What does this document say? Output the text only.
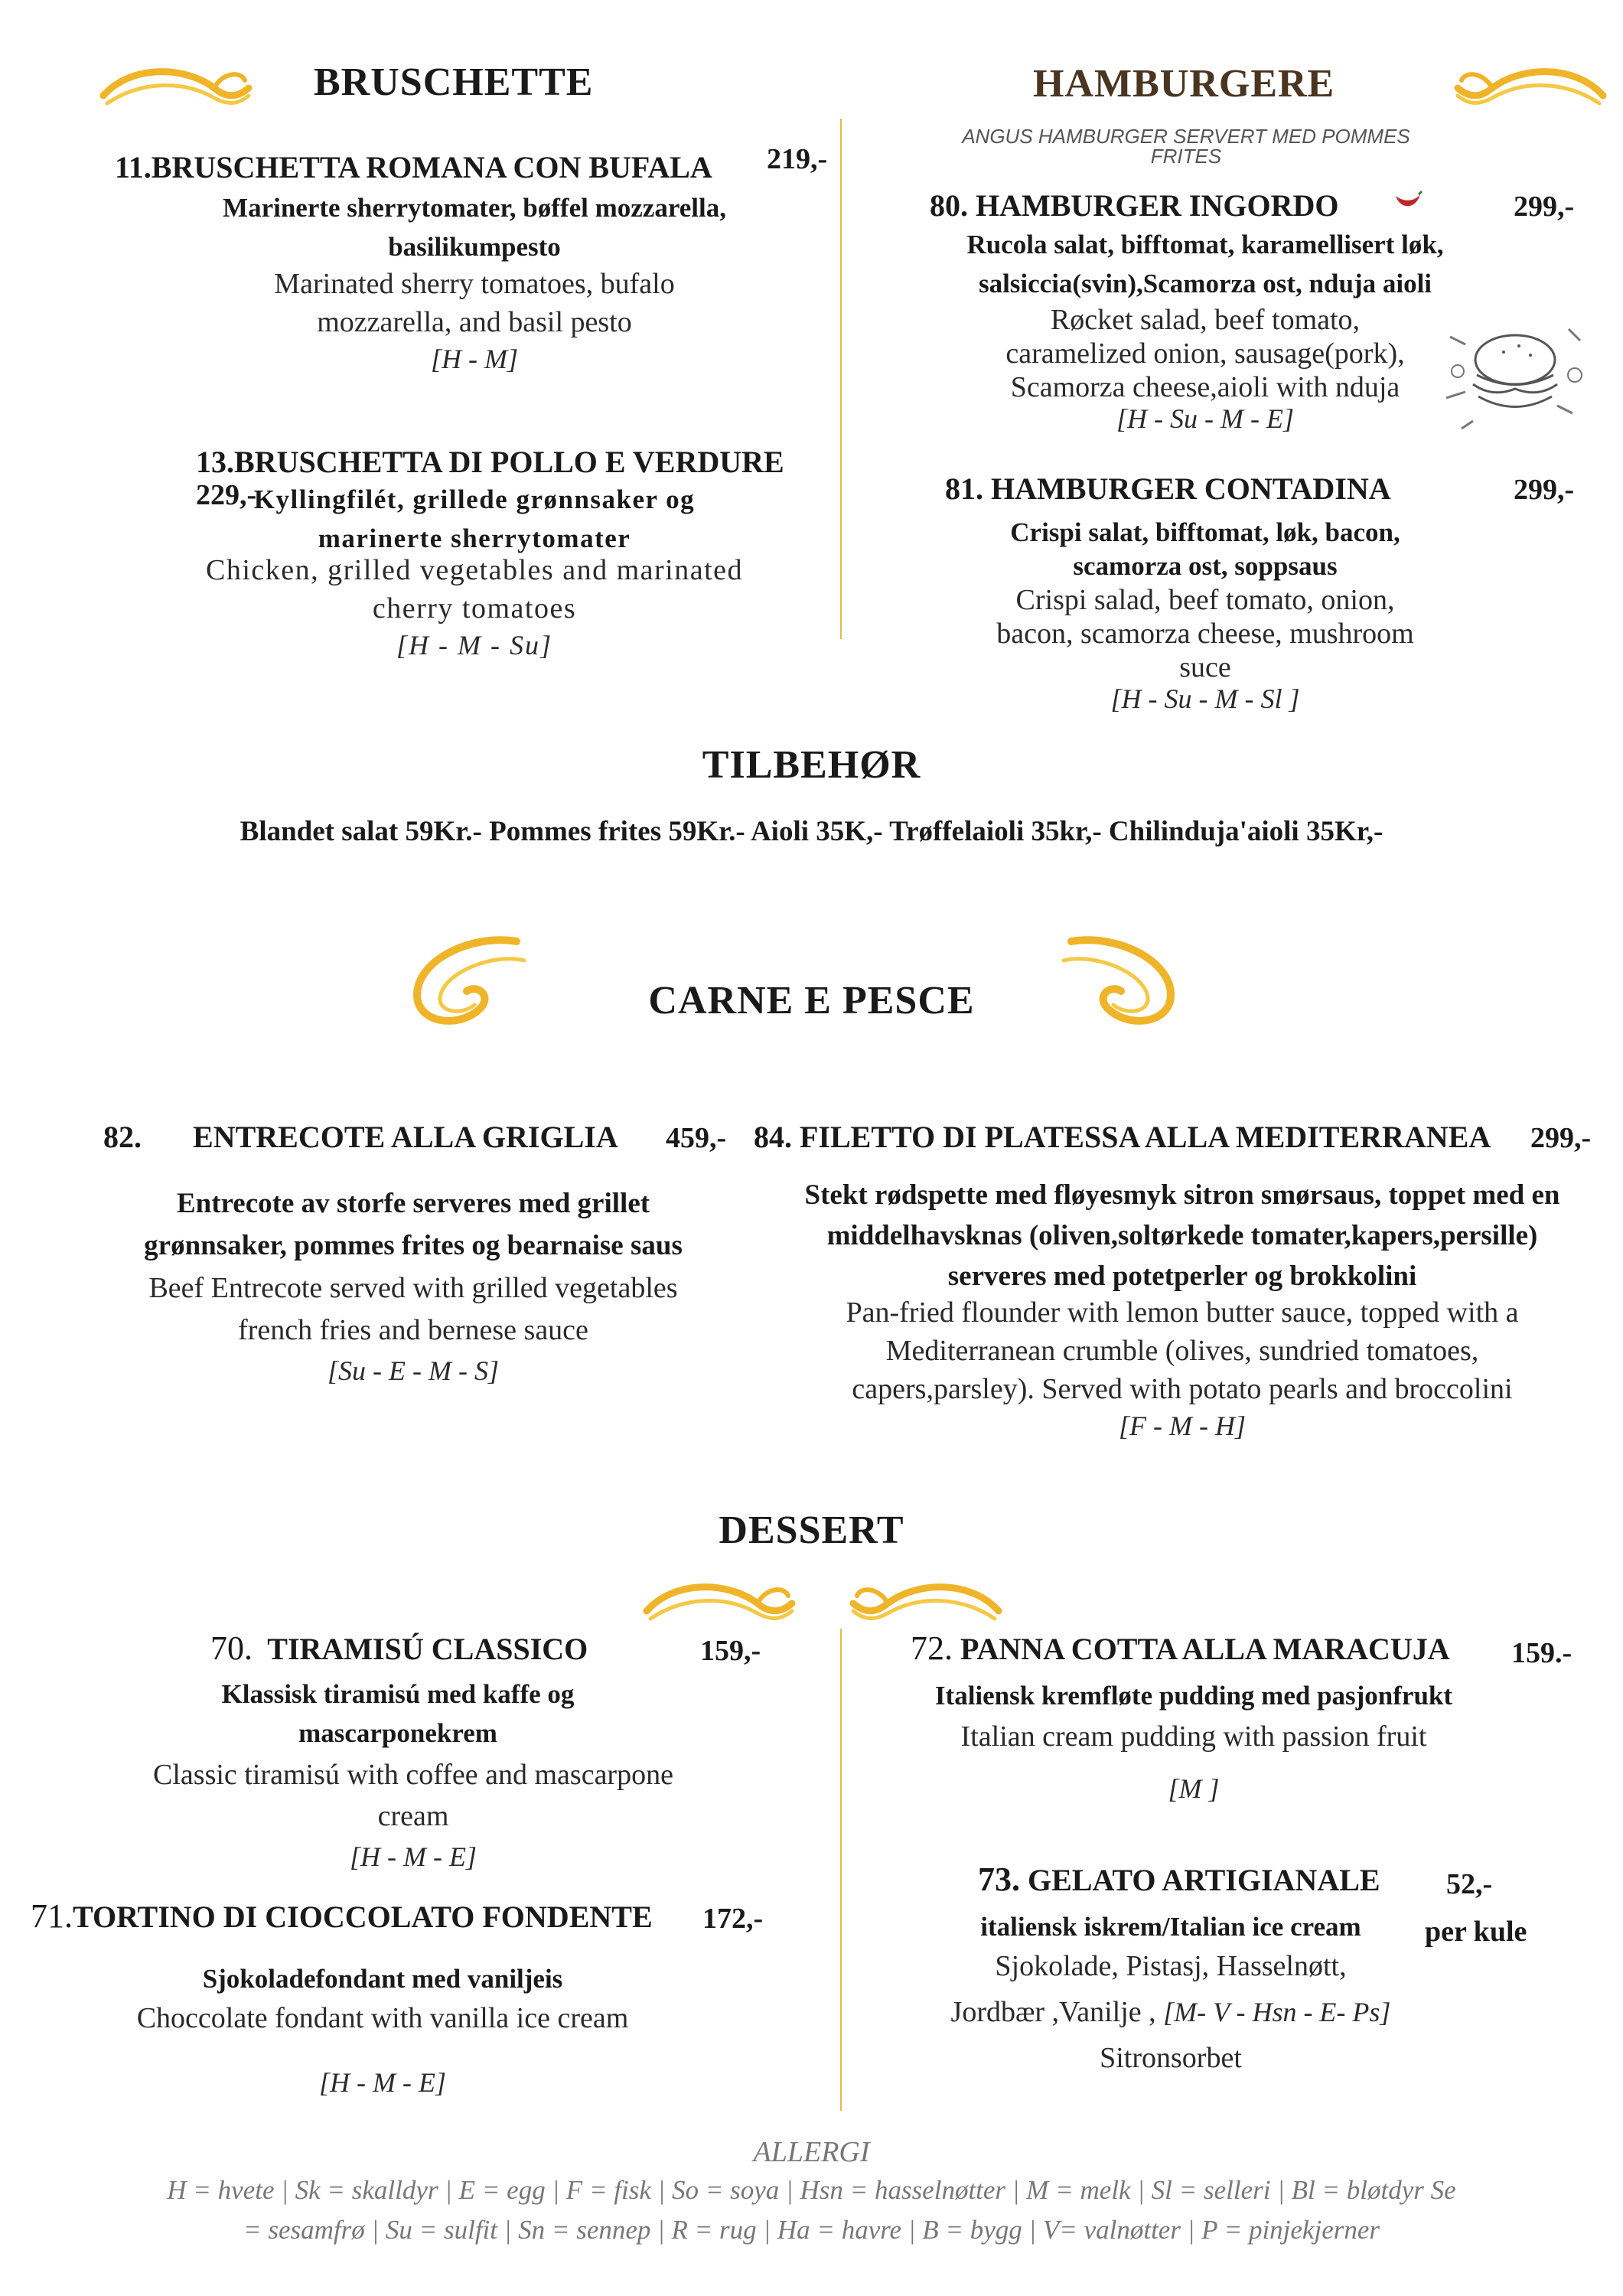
BRUSCHETTE
11.BRUSCHETTA ROMANA CON BUFALA 219,-
Marinerte sherrytomater, bøffel mozzarella,
basilikumpesto
Marinated sherry tomatoes, bufalo
mozzarella, and basil pesto
[H - M]
13.BRUSCHETTA DI POLLO E VERDURE
229,-
Kyllingfilét, grillede grønnsaker og
marinerte sherrytomater
Chicken, grilled vegetables and marinated
cherry tomatoes
[H - M - Su]
HAMBURGERE
ANGUS HAMBURGER SERVERT MED POMMES
FRITES
80. HAMBURGER INGORDO	299,-
Rucola salat, bifftomat, karamellisert løk,
salsiccia(svin),Scamorza ost, nduja aioli
Røcket salad, beef tomato,
caramelized onion, sausage(pork),
Scamorza cheese,aioli with nduja
[H - Su - M - E]
81. HAMBURGER CONTADINA	299,-
Crispi salat, bifftomat, løk, bacon,
scamorza ost, soppsaus
Crispi salad, beef tomato, onion,
bacon, scamorza cheese, mushroom
suce
[H - Su - M - Sl ]
TILBEHØR
Blandet salat 59Kr.- Pommes frites 59Kr.- Aioli 35K,- Trøffelaioli 35kr,- Chilinduja'aioli 35Kr,-
CARNE E PESCE
82. ENTRECOTE ALLA GRIGLIA 459,-
Entrecote av storfe serveres med grillet
grønnsaker, pommes frites og bearnaise saus
Beef Entrecote served with grilled vegetables
french fries and bernese sauce
[Su - E - M - S]
84. FILETTO DI PLATESSA ALLA MEDITERRANEA 299,-
Stekt rødspette med fløyesmyk sitron smørsaus, toppet med en
middelhavsknas (oliven,soltørkede tomater,kapers,persille)
serveres med potetperler og brokkolini
Pan-fried flounder with lemon butter sauce, topped with a
Mediterranean crumble (olives, sundried tomatoes,
capers,parsley). Served with potato pearls and broccolini
[F - M - H]
DESSERT
70. TIRAMISÚ CLASSICO	159,-
Klassisk tiramisú med kaffe og
mascarponekrem
Classic tiramisú with coffee and mascarpone
cream
[H - M - E]
71.TORTINO DI CIOCCOLATO FONDENTE 172,-
Sjokoladefondant med vaniljeis
Choccolate fondant with vanilla ice cream
[H - M - E]
72. PANNA COTTA ALLA MARACUJA 159.-
Italiensk kremfløte pudding med pasjonfrukt
Italian cream pudding with passion fruit
[M ]
73. GELATO ARTIGIANALE 52,-
per kule
italiensk iskrem/Italian ice cream
Sjokolade, Pistasj, Hasselnøtt,
Jordbær ,Vanilje , [M- V - Hsn - E- Ps]
Sitronsorbet
ALLERGI
H = hvete | Sk = skalldyr | E = egg | F = fisk | So = soya | Hsn = hasselnøtter | M = melk | Sl = selleri | Bl = bløtdyr Se
= sesamfrø | Su = sulfit | Sn = sennep | R = rug | Ha = havre | B = bygg | V= valnøtter | P = pinjekjerner
